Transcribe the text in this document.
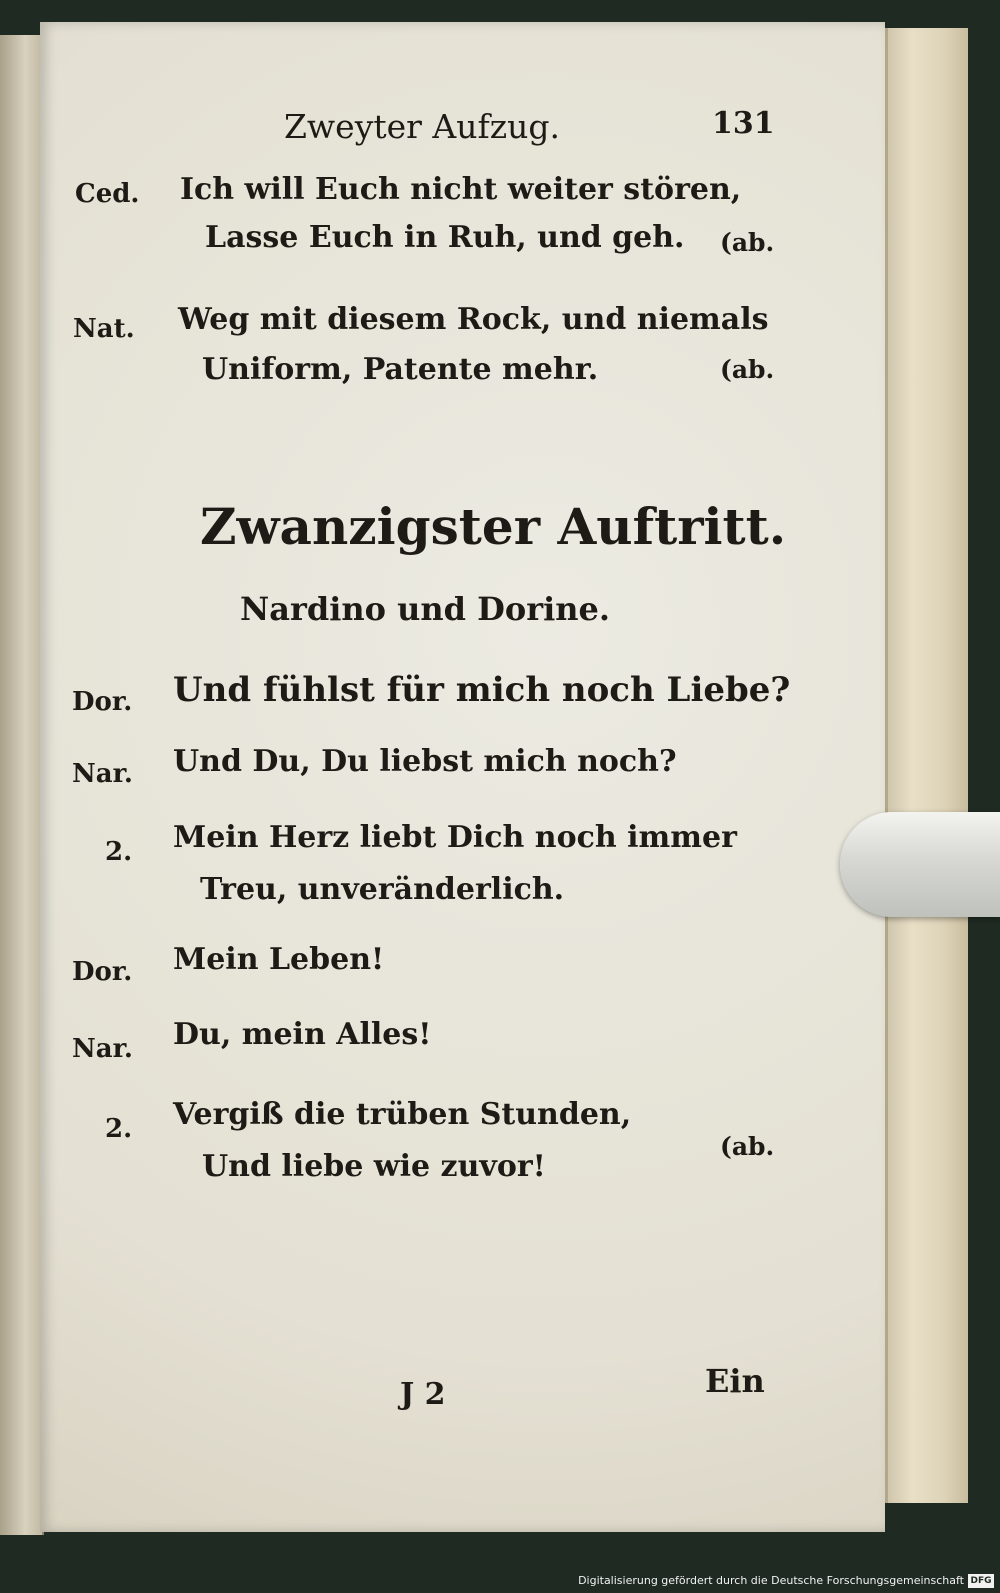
Zweyter Aufzug.	131
Ced. Ich will Euch nicht weiter stören,
Lasse Euch in Ruh, und geh. (ab.
Nat. Weg mit diesem Rock, und niemals
Uniform, Patente mehr.	(ab.
Zwanzigster Auftritt.
Nardino und Dorine.
Dor. Und fühlst für mich noch Liebe?
Nar. Und Du, Du liebst mich noch?
2. Mein Herz liebt Dich noch immer
Treu, unveränderlich.
Dor. Mein Leben!
Nar. Du, mein Alles!
2. Vergiß die trüben Stunden,
Und liebe wie zuvor!
(ab.
J 2	Ein
Digitalisierung gefördert durch die Deutsche Forschungsgemeinschaft DFG
